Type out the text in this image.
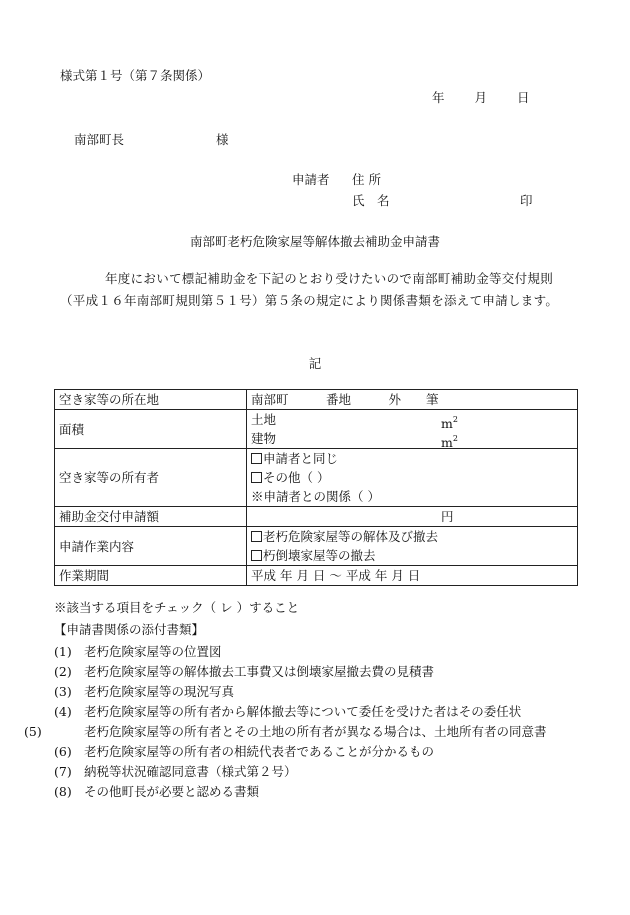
様式第１号（第７条関係）
年 月 日
南部町長	様
申請者 住 所
氏　名	印
南部町老朽危険家屋等解体撤去補助金申請書
年度において標記補助金を下記のとおり受けたいので南部町補助金等交付規則（平成１６年南部町規則第５１号）第５条の規定により関係書類を添えて申請します。
記
空き家等の所在地	南部町　　　番地　　　外　　筆
面積	土地 $m^2$
建物 $m^2$

空き家等の所有者	申請者と同じ
その他（ ）
※申請者との関係（ ）

補助金交付申請額	円

申請作業内容	老朽危険家屋等の解体及び撤去
朽倒壊家屋等の撤去

作業期間	平成 年 月 日 ～ 平成 年 月 日
※該当する項目をチェック（ レ ）すること
【申請書関係の添付書類】
(1) 老朽危険家屋等の位置図
(2) 老朽危険家屋等の解体撤去工事費又は倒壊家屋撤去費の見積書
(3) 老朽危険家屋等の現況写真
(4) 老朽危険家屋等の所有者から解体撤去等について委任を受けた者はその委任状
(5)	老朽危険家屋等の所有者とその土地の所有者が異なる場合は、土地所有者の同意書
(6) 老朽危険家屋等の所有者の相続代表者であることが分かるもの
(7) 納税等状況確認同意書（様式第２号）
(8) その他町長が必要と認める書類
